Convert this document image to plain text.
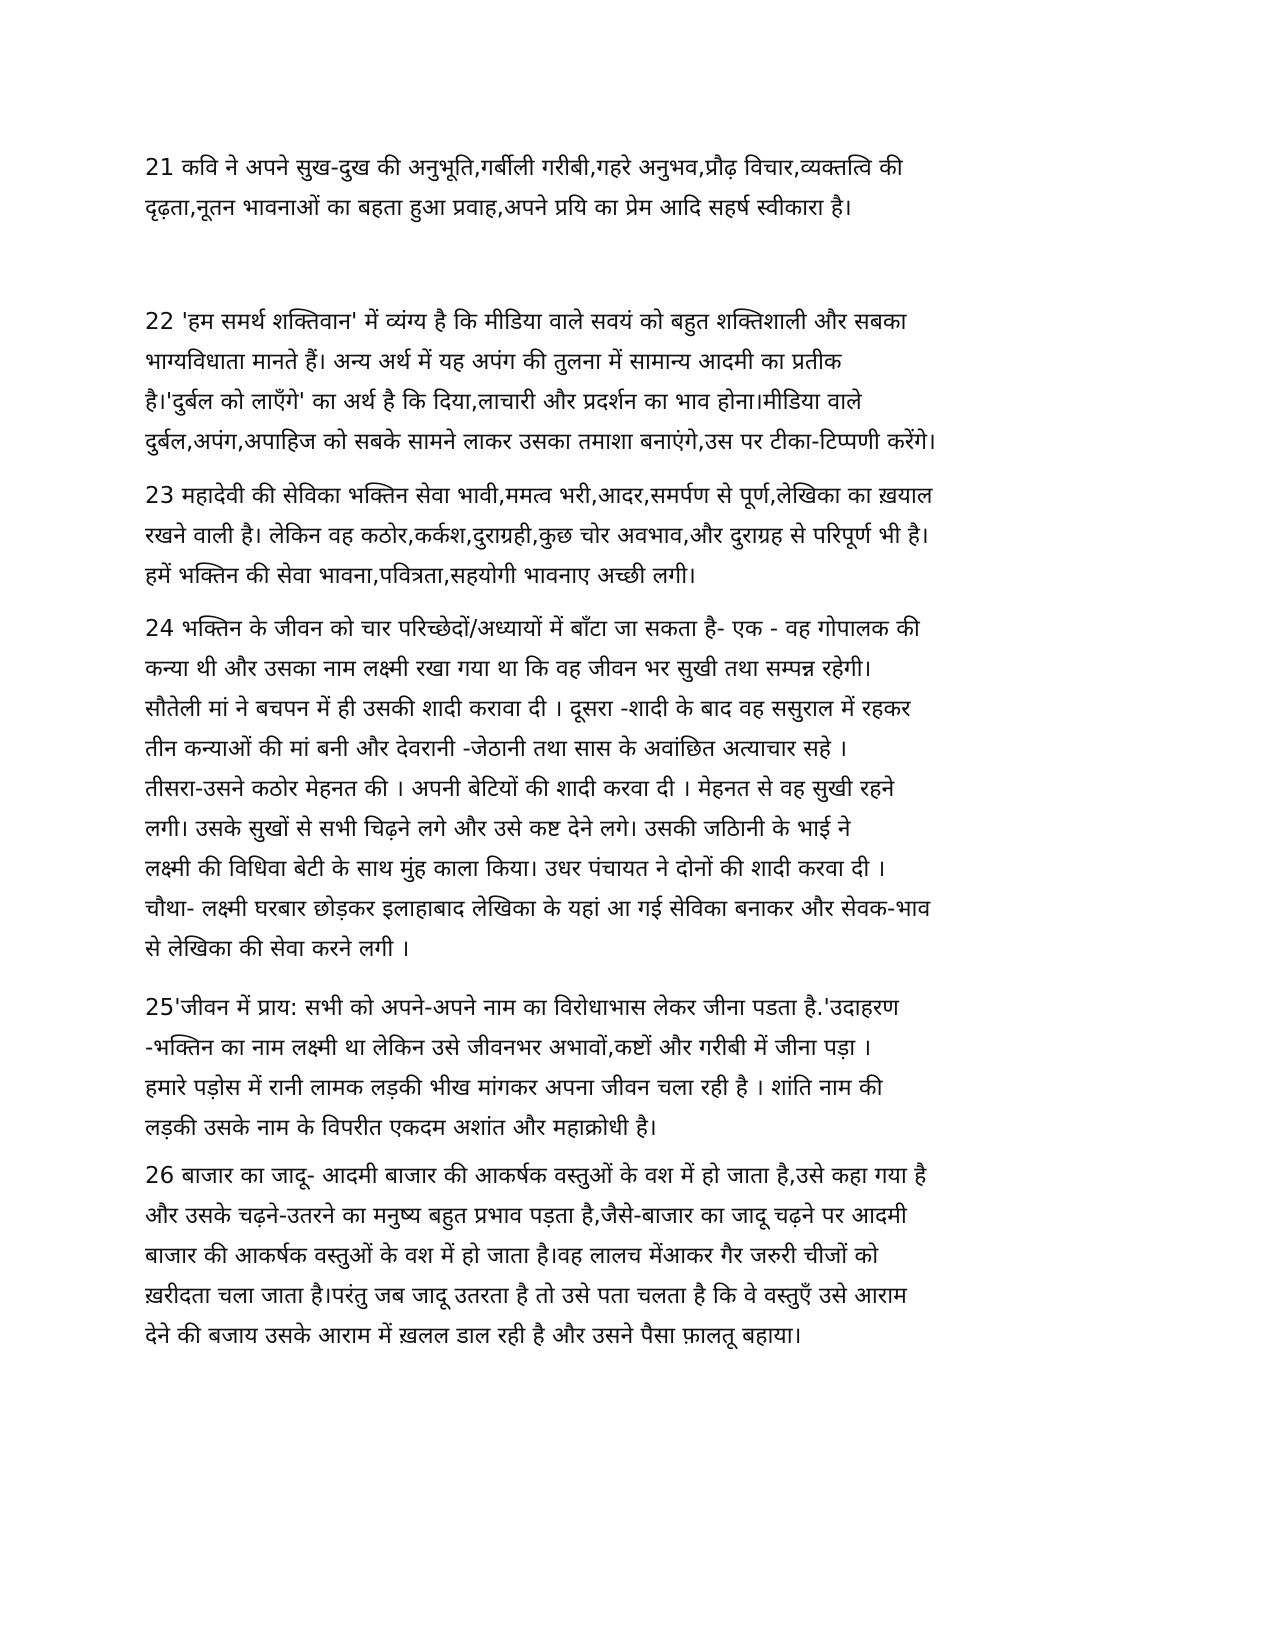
21 कवि ने अपने सुख-दुख की अनुभूति,गर्बीली गरीबी,गहरे अनुभव,प्रौढ़ विचार,व्यक्तत्वि की
दृढ़ता,नूतन भावनाओं का बहता हुआ प्रवाह,अपने प्रयि का प्रेम आदि सहर्ष स्वीकारा है।
22 'हम समर्थ शक्तिवान' में व्यंग्य है कि मीडिया वाले सवयं को बहुत शक्तिशाली और सबका
भाग्यविधाता मानते हैं। अन्य अर्थ में यह अपंग की तुलना में सामान्य आदमी का प्रतीक
है।'दुर्बल को लाएँगे' का अर्थ है कि दिया,लाचारी और प्रदर्शन का भाव होना।मीडिया वाले
दुर्बल,अपंग,अपाहिज को सबके सामने लाकर उसका तमाशा बनाएंगे,उस पर टीका-टिप्पणी करेंगे।
23 महादेवी की सेविका भक्तिन सेवा भावी,ममत्व भरी,आदर,समर्पण से पूर्ण,लेखिका का ख़याल
रखने वाली है। लेकिन वह कठोर,कर्कश,दुराग्रही,कुछ चोर अवभाव,और दुराग्रह से परिपूर्ण भी है।
हमें भक्तिन की सेवा भावना,पवित्रता,सहयोगी भावनाए अच्छी लगी।
24 भक्तिन के जीवन को चार परिच्छेदों/अध्यायों में बाँटा जा सकता है- एक - वह गोपालक की
कन्या थी और उसका नाम लक्ष्मी रखा गया था कि वह जीवन भर सुखी तथा सम्पन्न रहेगी।
सौतेली मां ने बचपन में ही उसकी शादी करावा दी । दूसरा -शादी के बाद वह ससुराल में रहकर
तीन कन्याओं की मां बनी और देवरानी -जेठानी तथा सास के अवांछित अत्याचार सहे ।
तीसरा-उसने कठोर मेहनत की । अपनी बेटियों की शादी करवा दी । मेहनत से वह सुखी रहने
लगी। उसके सुखों से सभी चिढ़ने लगे और उसे कष्ट देने लगे। उसकी जठिानी के भाई ने
लक्ष्मी की विधिवा बेटी के साथ मुंह काला किया। उधर पंचायत ने दोनों की शादी करवा दी ।
चौथा- लक्ष्मी घरबार छोड़कर इलाहाबाद लेखिका के यहां आ गई सेविका बनाकर और सेवक-भाव
से लेखिका की सेवा करने लगी ।
25'जीवन में प्राय: सभी को अपने-अपने नाम का विरोधाभास लेकर जीना पडता है.'उदाहरण
-भक्तिन का नाम लक्ष्मी था लेकिन उसे जीवनभर अभावों,कष्टों और गरीबी में जीना पड़ा ।
हमारे पड़ोस में रानी लामक लड़की भीख मांगकर अपना जीवन चला रही है । शांति नाम की
लड़की उसके नाम के विपरीत एकदम अशांत और महाक्रोधी है।
26 बाजार का जादू- आदमी बाजार की आकर्षक वस्तुओं के वश में हो जाता है,उसे कहा गया है
और उसके चढ़ने-उतरने का मनुष्य बहुत प्रभाव पड़ता है,जैसे-बाजार का जादू चढ़ने पर आदमी
बाजार की आकर्षक वस्तुओं के वश में हो जाता है।वह लालच मेंआकर गैर जरुरी चीजों को
ख़रीदता चला जाता है।परंतु जब जादू उतरता है तो उसे पता चलता है कि वे वस्तुएँ उसे आराम
देने की बजाय उसके आराम में ख़लल डाल रही है और उसने पैसा फ़ालतू बहाया।
